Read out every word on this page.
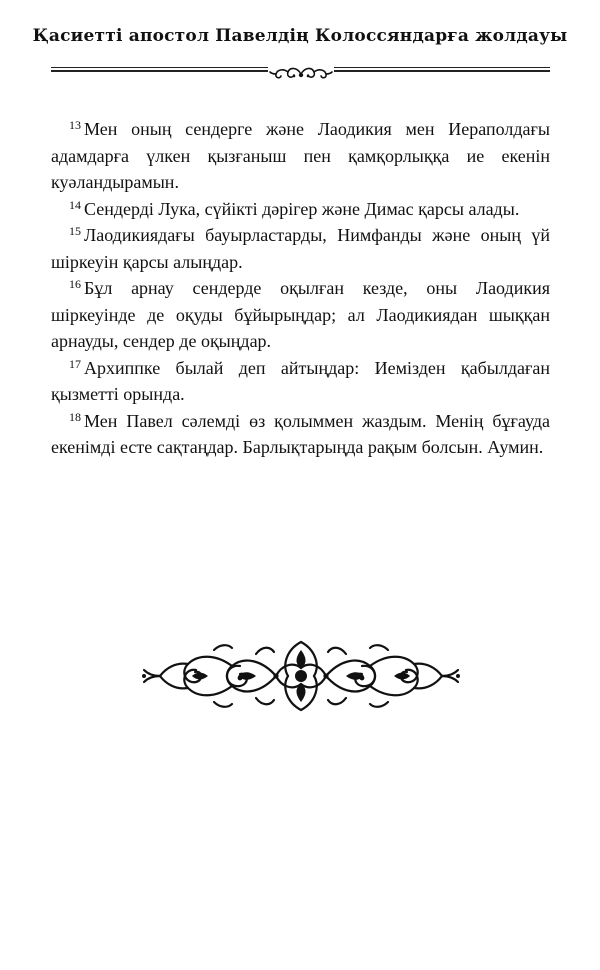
Қасиетті апостол Павелдің Колоссяндарға жолдауы

$^{13}$ Мен оның сендерге және Лаодикия мен Иераполдағы адамдарға үлкен қызғаныш пен қамқорлыққа ие екенін куәландырамын.

$^{14}$ Сендерді Лука, сүйікті дәрігер және Димас қарсы алады.

$^{15}$ Лаодикиядағы бауырластарды, Нимфанды және оның үй шіркеуін қарсы алыңдар.

$^{16}$ Бұл арнау сендерде оқылған кезде, оны Лаодикия шіркеуінде де оқуды бұйырыңдар; ал Лаодикиядан шыққан арнауды, сендер де оқыңдар.

$^{17}$ Архиппке былай деп айтыңдар: Иемізден қабылдаған қызметті орында.

$^{18}$ Мен Павел сәлемді өз қолыммен жаздым. Менің бұғауда екенімді есте сақтаңдар. Барлықтарыңда рақым болсын. Аумин.
